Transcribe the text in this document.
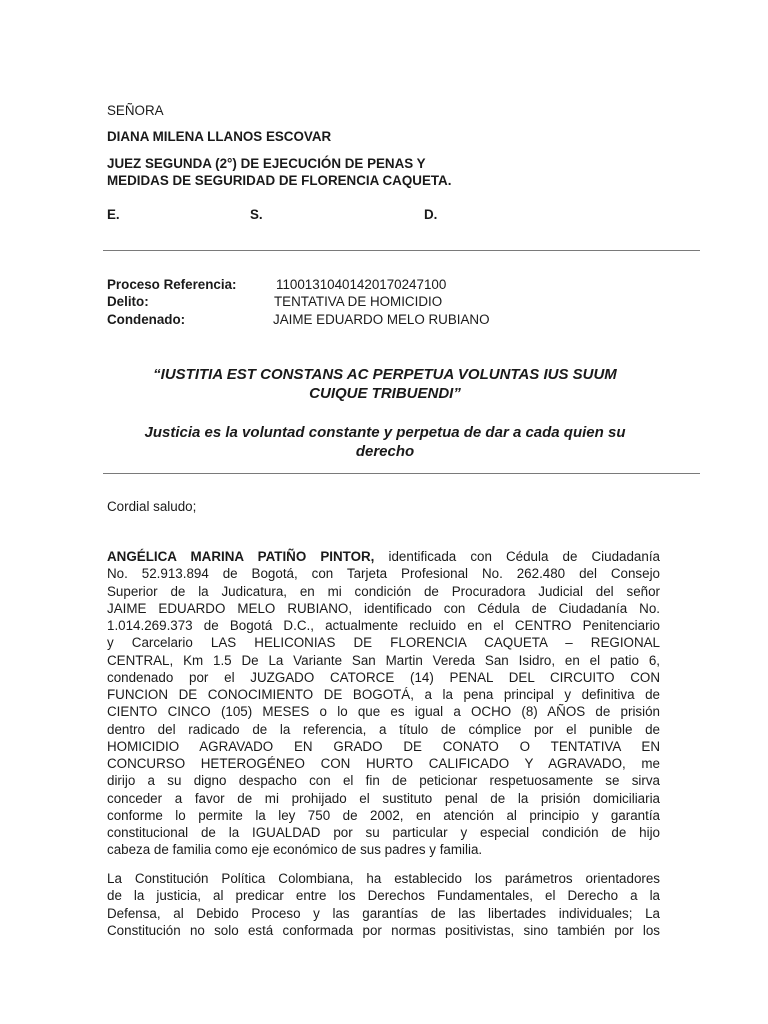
SEÑORA
DIANA MILENA LLANOS ESCOVAR
JUEZ SEGUNDA (2°) DE EJECUCIÓN DE PENAS Y
MEDIDAS DE SEGURIDAD DE FLORENCIA CAQUETA.
E.	S.	D.
Proceso Referencia:	11001310401420170247100
Delito:	TENTATIVA DE HOMICIDIO
Condenado:	JAIME EDUARDO MELO RUBIANO
“IUSTITIA EST CONSTANS AC PERPETUA VOLUNTAS IUS SUUM
CUIQUE TRIBUENDI”
Justicia es la voluntad constante y perpetua de dar a cada quien su
derecho
Cordial saludo;
ANGÉLICA MARINA PATIÑO PINTOR, identificada con Cédula de Ciudadanía
No. 52.913.894 de Bogotá, con Tarjeta Profesional No. 262.480 del Consejo
Superior de la Judicatura, en mi condición de Procuradora Judicial del señor
JAIME EDUARDO MELO RUBIANO, identificado con Cédula de Ciudadanía No.
1.014.269.373 de Bogotá D.C., actualmente recluido en el CENTRO Penitenciario
y Carcelario LAS HELICONIAS DE FLORENCIA CAQUETA – REGIONAL
CENTRAL, Km 1.5 De La Variante San Martin Vereda San Isidro, en el patio 6,
condenado por el JUZGADO CATORCE (14) PENAL DEL CIRCUITO CON
FUNCION DE CONOCIMIENTO DE BOGOTÁ, a la pena principal y definitiva de
CIENTO CINCO (105) MESES o lo que es igual a OCHO (8) AÑOS de prisión
dentro del radicado de la referencia, a título de cómplice por el punible de
HOMICIDIO AGRAVADO EN GRADO DE CONATO O TENTATIVA EN
CONCURSO HETEROGÉNEO CON HURTO CALIFICADO Y AGRAVADO, me
dirijo a su digno despacho con el fin de peticionar respetuosamente se sirva
conceder a favor de mi prohijado el sustituto penal de la prisión domiciliaria
conforme lo permite la ley 750 de 2002, en atención al principio y garantía
constitucional de la IGUALDAD por su particular y especial condición de hijo
cabeza de familia como eje económico de sus padres y familia.
La Constitución Política Colombiana, ha establecido los parámetros orientadores
de la justicia, al predicar entre los Derechos Fundamentales, el Derecho a la
Defensa, al Debido Proceso y las garantías de las libertades individuales; La
Constitución no solo está conformada por normas positivistas, sino también por los
